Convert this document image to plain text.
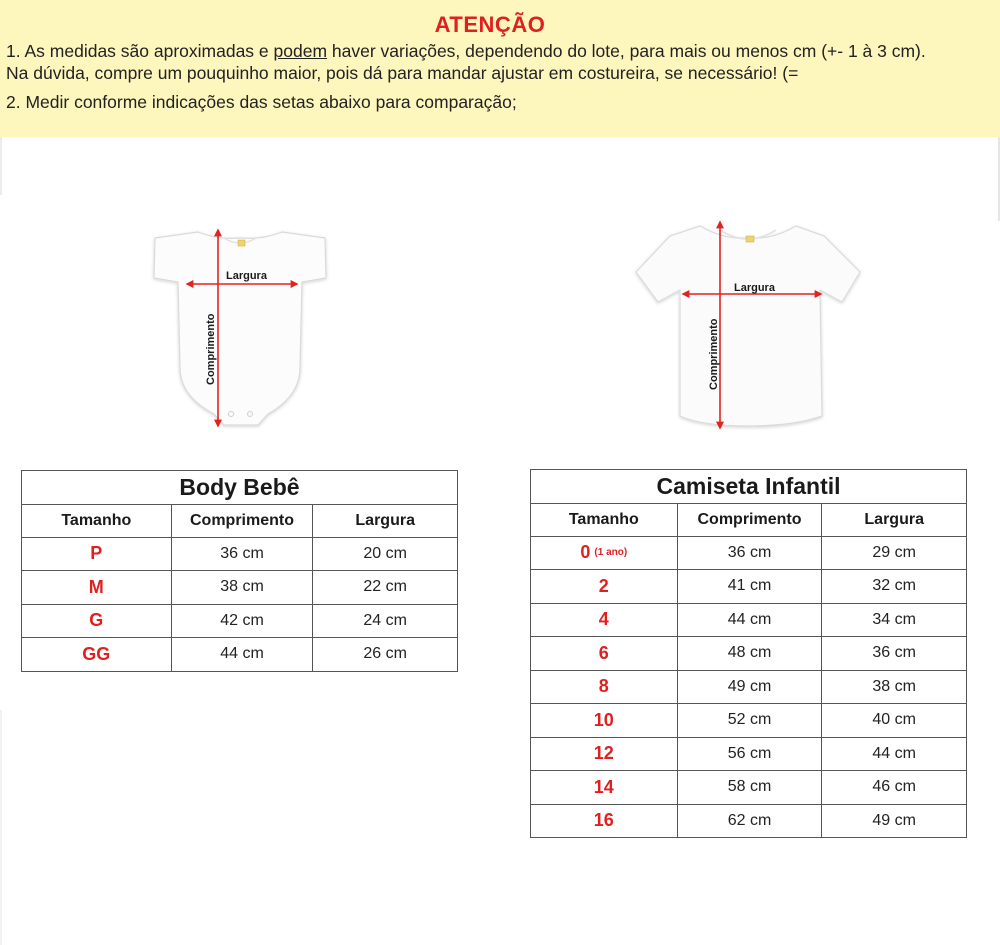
ATENÇÃO
1. As medidas são aproximadas e podem haver variações, dependendo do lote, para mais ou menos cm (+- 1 à 3 cm).
Na dúvida, compre um pouquinho maior, pois dá para mandar ajustar em costureira, se necessário! (=
2. Medir conforme indicações das setas abaixo para comparação;
Largura
Comprimento
Largura
Comprimento
Body Bebê		
Tamanho	Comprimento	Largura
P	36 cm	20 cm
M	38 cm	22 cm
G	42 cm	24 cm
GG	44 cm	26 cm
Camiseta Infantil		
Tamanho	Comprimento	Largura
0 (1 ano)	36 cm	29 cm
2	41 cm	32 cm
4	44 cm	34 cm
6	48 cm	36 cm
8	49 cm	38 cm
10	52 cm	40 cm
12	56 cm	44 cm
14	58 cm	46 cm
16	62 cm	49 cm
